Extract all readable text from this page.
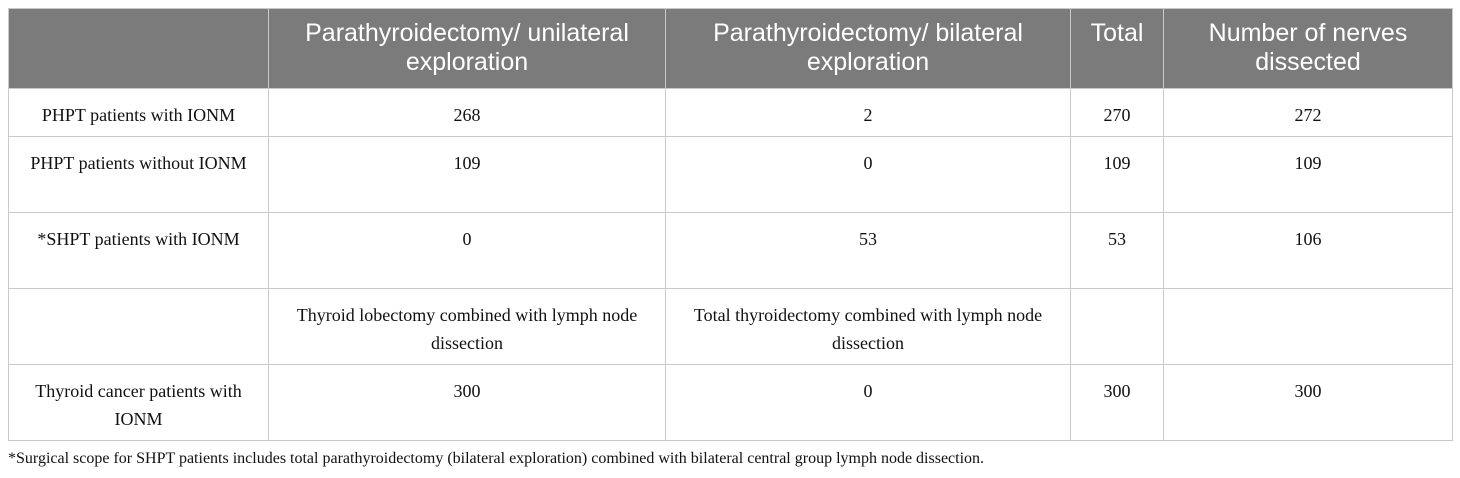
	Parathyroidectomy/ unilateral exploration	Parathyroidectomy/ bilateral exploration	Total	Number of nerves dissected
PHPT patients with IONM	268	2	270	272
PHPT patients without IONM	109	0	109	109
*SHPT patients with IONM	0	53	53	106
	Thyroid lobectomy combined with lymph node dissection	Total thyroidectomy combined with lymph node dissection		
Thyroid cancer patients with IONM	300	0	300	300

*Surgical scope for SHPT patients includes total parathyroidectomy (bilateral exploration) combined with bilateral central group lymph node dissection.
